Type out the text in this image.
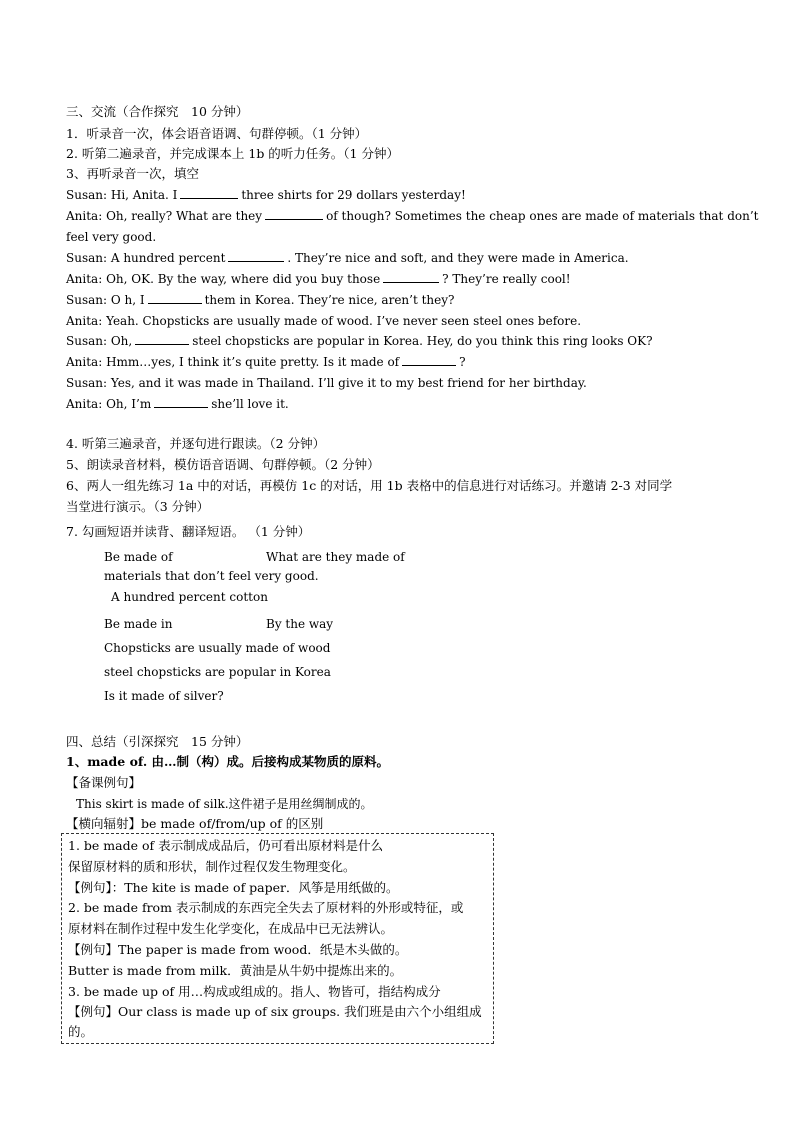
三、交流（合作探究　10 分钟）
1．听录音一次，体会语音语调、句群停顿。（1 分钟）
2. 听第二遍录音，并完成课本上 1b 的听力任务。（1 分钟）
3、再听录音一次，填空
Susan: Hi, Anita. I	three shirts for 29 dollars yesterday!
Anita: Oh, really? What are they	of though? Sometimes the cheap ones are made of materials that don’t
feel very good.
Susan: A hundred percent	. They’re nice and soft, and they were made in America.
Anita: Oh, OK. By the way, where did you buy those	? They’re really cool!
Susan: O h, I	them in Korea. They’re nice, aren’t they?
Anita: Yeah. Chopsticks are usually made of wood. I’ve never seen steel ones before.
Susan: Oh,	steel chopsticks are popular in Korea. Hey, do you think this ring looks OK?
Anita: Hmm…yes, I think it’s quite pretty. Is it made of	?
Susan: Yes, and it was made in Thailand. I’ll give it to my best friend for her birthday.
Anita: Oh, I’m	she’ll love it.
4. 听第三遍录音，并逐句进行跟读。（2 分钟）
5、朗读录音材料，模仿语音语调、句群停顿。（2 分钟）
6、两人一组先练习 1a 中的对话，再模仿 1c 的对话，用 1b 表格中的信息进行对话练习。并邀请 2-3 对同学
当堂进行演示。（3 分钟）
7. 勾画短语并读背、翻译短语。 （1 分钟）
Be made of	What are they made of
materials that don’t feel very good.
A hundred percent cotton
Be made in	By the way
Chopsticks are usually made of wood
steel chopsticks are popular in Korea
Is it made of silver?
四、总结（引深探究　15 分钟）
1、made of. 由…制（构）成。后接构成某物质的原料。
【备课例句】
This skirt is made of silk.这件裙子是用丝绸制成的。
【横向辐射】be made of/from/up of 的区别
1. be made of 表示制成成品后，仍可看出原材料是什么
保留原材料的质和形状，制作过程仅发生物理变化。
【例句】：The kite is made of paper．风筝是用纸做的。
2. be made from 表示制成的东西完全失去了原材料的外形或特征，或
原材料在制作过程中发生化学变化，在成品中已无法辨认。
【例句】The paper is made from wood．纸是木头做的。
Butter is made from milk．黄油是从牛奶中提炼出来的。
3. be made up of 用…构成或组成的。指人、物皆可，指结构成分
【例句】Our class is made up of six groups. 我们班是由六个小组组成
的。
